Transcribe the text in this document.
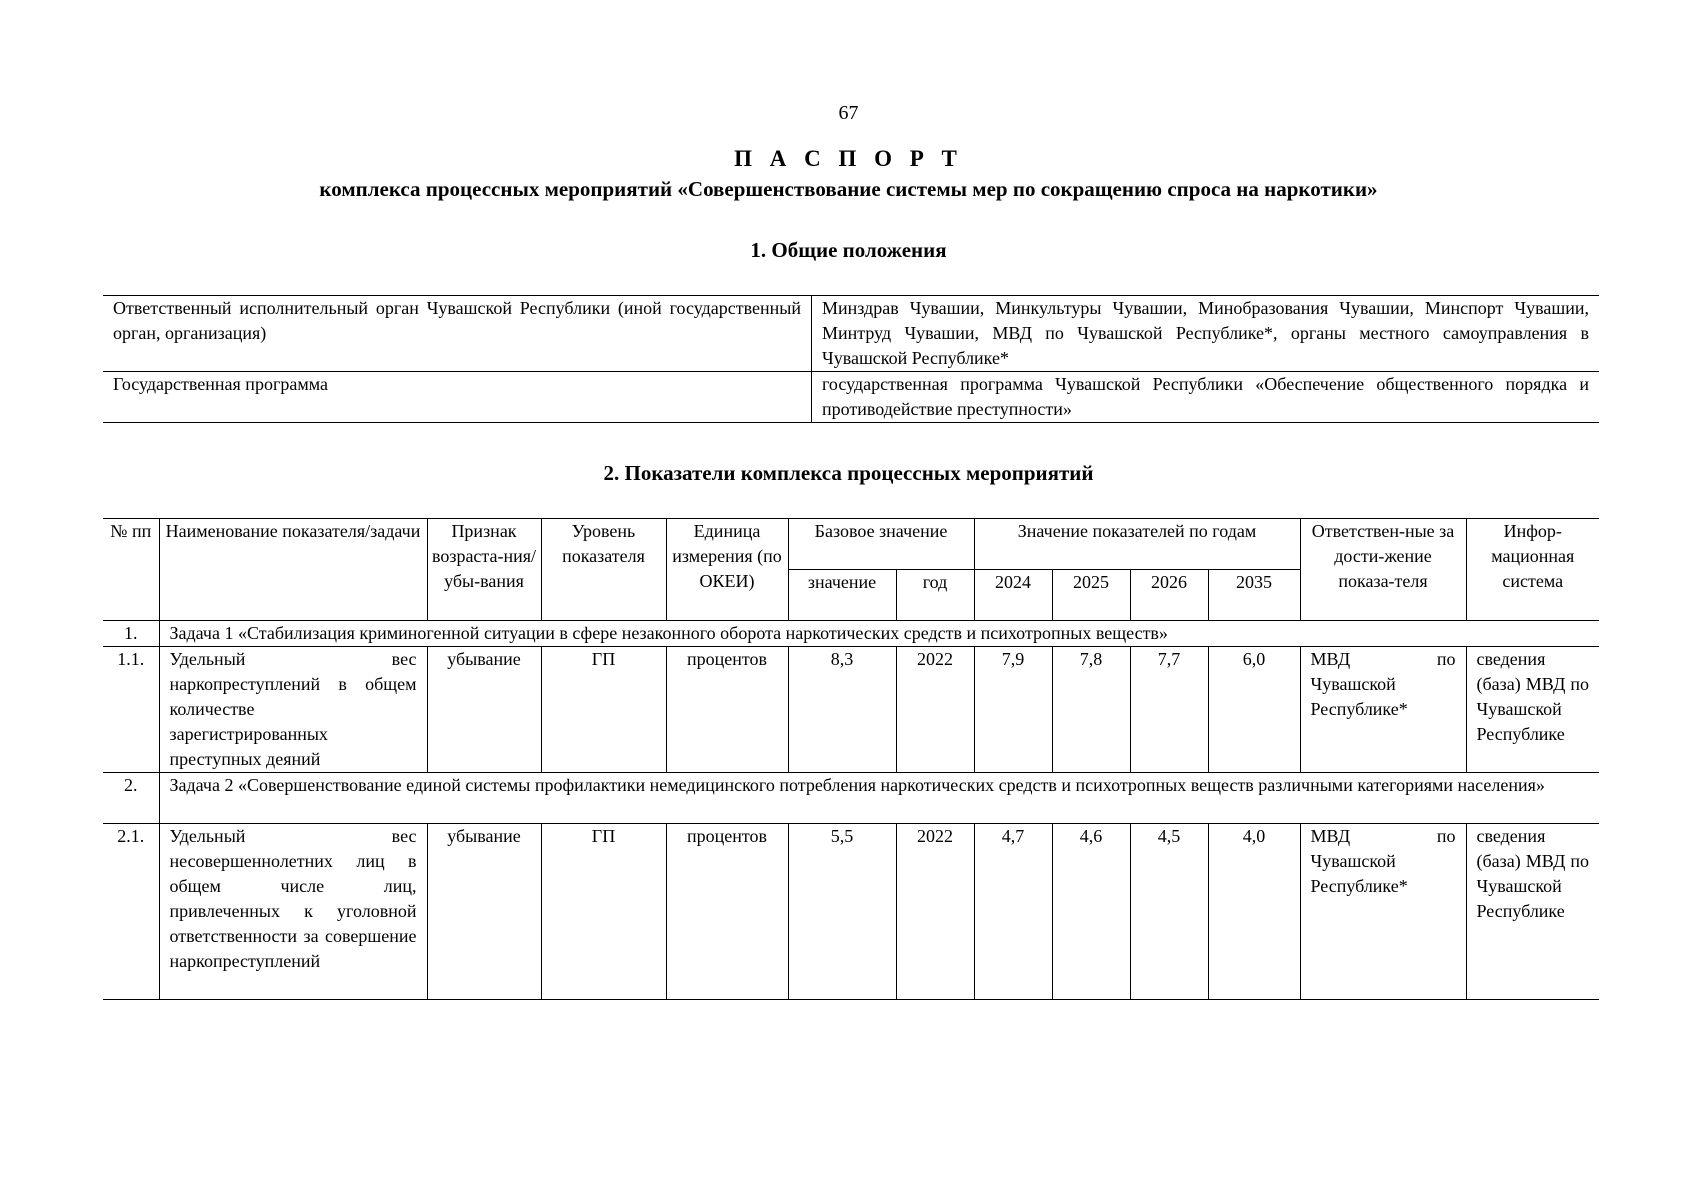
67
П А С П О Р Т
комплекса процессных мероприятий «Совершенствование системы мер по сокращению спроса на наркотики»
1. Общие положения
Ответственный исполнительный орган Чувашской Республики (иной государственный орган, организация)	Минздрав Чувашии, Минкультуры Чувашии, Минобразования Чувашии, Минспорт Чувашии, Минтруд Чувашии, МВД по Чувашской Республике*, органы местного самоуправления в Чувашской Республике*
Государственная программа	государственная программа Чувашской Республики «Обеспечение общественного порядка и противодействие преступности»
2. Показатели комплекса процессных мероприятий
№ пп	Наименование показателя/задачи	Признак возраста-ния/убы-вания	Уровень показателя	Единица измерения (по ОКЕИ)	Базовое значение		Значение показателей по годам				Ответствен-ные за дости-жение показа-теля	Инфор-мационная система
					значение	год	2024	2025	2026	2035		
1.	Задача 1 «Стабилизация криминогенной ситуации в сфере незаконного оборота наркотических средств и психотропных веществ»											
1.1.	Удельный вес наркопреступлений в общем количестве зарегистрированных преступных деяний	убывание	ГП	процентов	8,3	2022	7,9	7,8	7,7	6,0	МВД по Чувашской Республике*	сведения (база) МВД по Чувашской Республике
2.	Задача 2 «Совершенствование единой системы профилактики немедицинского потребления наркотических средств и психотропных веществ различными категориями населения»											
2.1.	Удельный вес несовершеннолетних лиц в общем числе лиц, привлеченных к уголовной ответственности за совершение наркопреступлений	убывание	ГП	процентов	5,5	2022	4,7	4,6	4,5	4,0	МВД по Чувашской Республике*	сведения (база) МВД по Чувашской Республике
